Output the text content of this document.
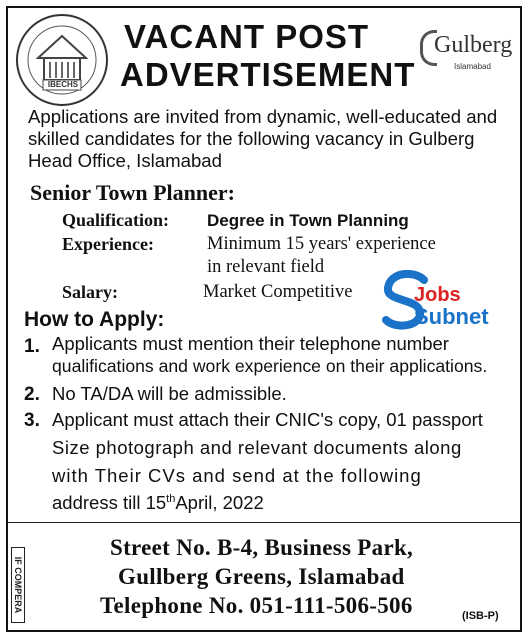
IBECHS
VACANT POST
ADVERTISEMENT
Gulberg
Islamabad
Applications are invited from dynamic, well-educated and skilled candidates for the following vacancy in Gulberg Head Office, Islamabad
Senior Town Planner:
Qualification: Degree in Town Planning
Experience:	Minimum 15 years' experience
in relevant field
Salary:	Market Competitive	Jobs
Subnet
How to Apply:
1. Applicants must mention their telephone number
qualifications and work experience on their applications.
2. No TA/DA will be admissible.
3. Applicant must attach their CNIC's copy, 01 passport
Size photograph and relevant documents along
with Their CVs and send at the following
address till 15thApril, 2022
IF COMPERA
Street No. B-4, Business Park,
Gullberg Greens, Islamabad
Telephone No. 051-111-506-506	(ISB-P)
